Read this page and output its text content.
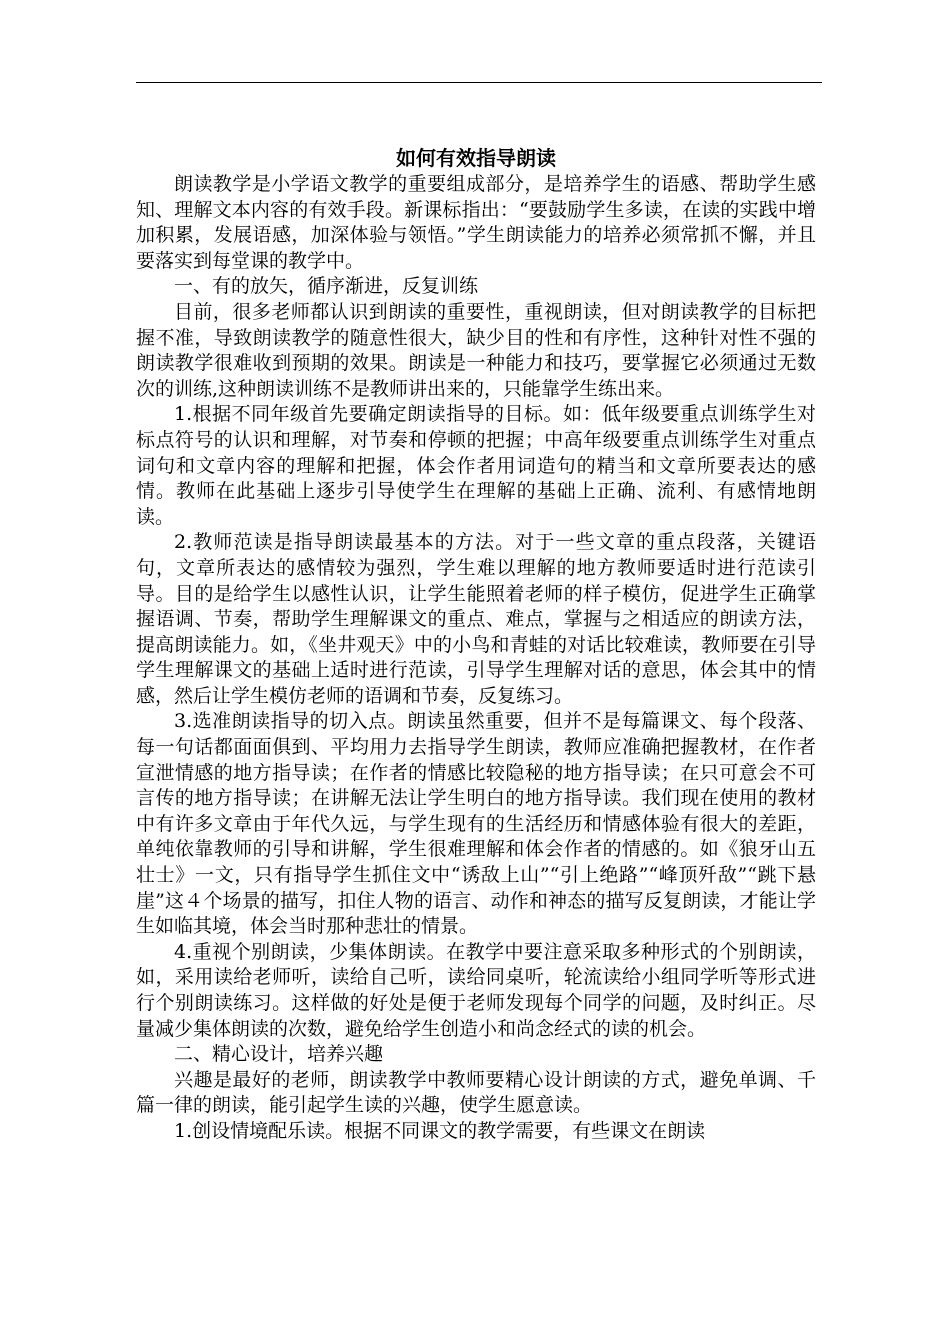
如何有效指导朗读

朗读教学是小学语文教学的重要组成部分，是培养学生的语感、帮助学生感知、理解文本内容的有效手段。新课标指出：“要鼓励学生多读，在读的实践中增加积累，发展语感，加深体验与领悟。”学生朗读能力的培养必须常抓不懈，并且要落实到每堂课的教学中。

一、有的放矢，循序渐进，反复训练

目前，很多老师都认识到朗读的重要性，重视朗读，但对朗读教学的目标把握不准，导致朗读教学的随意性很大，缺少目的性和有序性，这种针对性不强的朗读教学很难收到预期的效果。朗读是一种能力和技巧，要掌握它必须通过无数次的训练,这种朗读训练不是教师讲出来的，只能靠学生练出来。

1.根据不同年级首先要确定朗读指导的目标。如：低年级要重点训练学生对标点符号的认识和理解，对节奏和停顿的把握；中高年级要重点训练学生对重点词句和文章内容的理解和把握，体会作者用词造句的精当和文章所要表达的感情。教师在此基础上逐步引导使学生在理解的基础上正确、流利、有感情地朗读。

2.教师范读是指导朗读最基本的方法。对于一些文章的重点段落，关键语句，文章所表达的感情较为强烈，学生难以理解的地方教师要适时进行范读引导。目的是给学生以感性认识，让学生能照着老师的样子模仿，促进学生正确掌握语调、节奏，帮助学生理解课文的重点、难点，掌握与之相适应的朗读方法，提高朗读能力。如，《坐井观天》中的小鸟和青蛙的对话比较难读，教师要在引导学生理解课文的基础上适时进行范读，引导学生理解对话的意思，体会其中的情感，然后让学生模仿老师的语调和节奏，反复练习。

3.选准朗读指导的切入点。朗读虽然重要，但并不是每篇课文、每个段落、每一句话都面面俱到、平均用力去指导学生朗读，教师应准确把握教材，在作者宣泄情感的地方指导读；在作者的情感比较隐秘的地方指导读；在只可意会不可言传的地方指导读；在讲解无法让学生明白的地方指导读。我们现在使用的教材中有许多文章由于年代久远，与学生现有的生活经历和情感体验有很大的差距，单纯依靠教师的引导和讲解，学生很难理解和体会作者的情感的。如《狼牙山五壮士》一文，只有指导学生抓住文中“诱敌上山”“引上绝路”“峰顶歼敌”“跳下悬崖”这４个场景的描写，扣住人物的语言、动作和神态的描写反复朗读，才能让学生如临其境，体会当时那种悲壮的情景。

4.重视个别朗读，少集体朗读。在教学中要注意采取多种形式的个别朗读，如，采用读给老师听，读给自己听，读给同桌听，轮流读给小组同学听等形式进行个别朗读练习。这样做的好处是便于老师发现每个同学的问题，及时纠正。尽量减少集体朗读的次数，避免给学生创造小和尚念经式的读的机会。

二、精心设计，培养兴趣

兴趣是最好的老师，朗读教学中教师要精心设计朗读的方式，避免单调、千篇一律的朗读，能引起学生读的兴趣，使学生愿意读。

1.创设情境配乐读。根据不同课文的教学需要，有些课文在朗读
